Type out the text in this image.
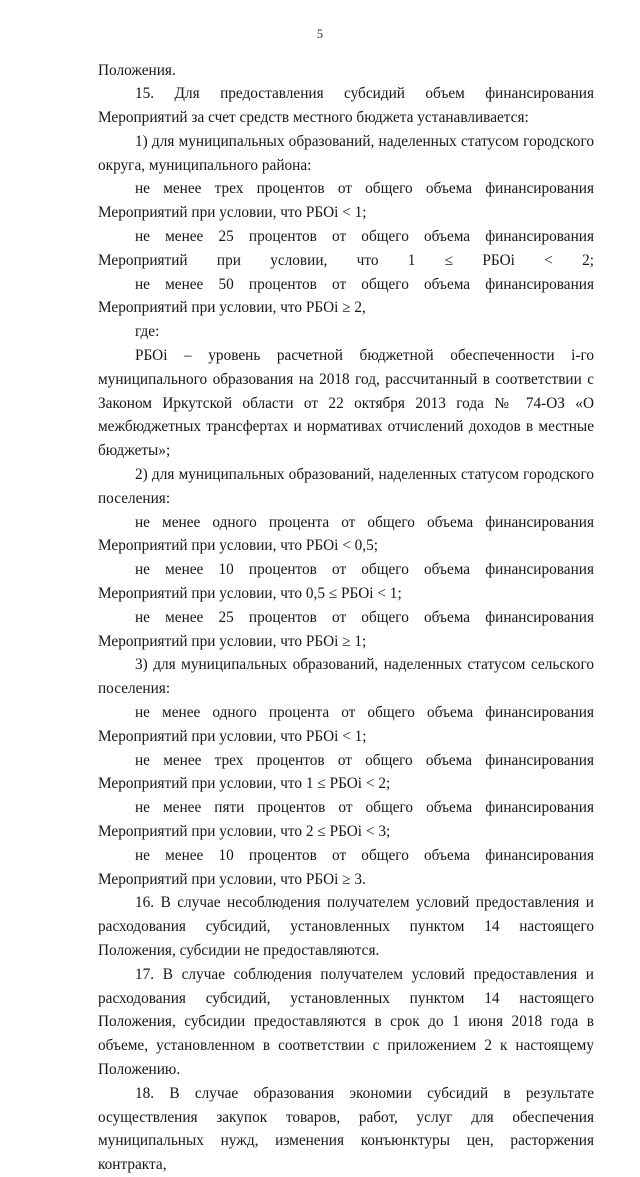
5
Положения.
15. Для предоставления субсидий объем финансирования Мероприятий за счет средств местного бюджета устанавливается:
1) для муниципальных образований, наделенных статусом городского округа, муниципального района:
не менее трех процентов от общего объема финансирования Мероприятий при условии, что РБОi < 1;
не менее 25 процентов от общего объема финансирования Мероприятий при условии, что 1 ≤ РБОi < 2;
не менее 50 процентов от общего объема финансирования Мероприятий при условии, что РБОi ≥ 2,
где:
РБОi – уровень расчетной бюджетной обеспеченности i-го муниципального образования на 2018 год, рассчитанный в соответствии с Законом Иркутской области от 22 октября 2013 года № 74-ОЗ «О межбюджетных трансфертах и нормативах отчислений доходов в местные бюджеты»;
2) для муниципальных образований, наделенных статусом городского поселения:
не менее одного процента от общего объема финансирования Мероприятий при условии, что РБОi < 0,5;
не менее 10 процентов от общего объема финансирования Мероприятий при условии, что 0,5 ≤ РБОi < 1;
не менее 25 процентов от общего объема финансирования Мероприятий при условии, что РБОi ≥ 1;
3) для муниципальных образований, наделенных статусом сельского поселения:
не менее одного процента от общего объема финансирования Мероприятий при условии, что РБОi < 1;
не менее трех процентов от общего объема финансирования Мероприятий при условии, что 1 ≤ РБОi < 2;
не менее пяти процентов от общего объема финансирования Мероприятий при условии, что 2 ≤ РБОi < 3;
не менее 10 процентов от общего объема финансирования Мероприятий при условии, что РБОi ≥ 3.
16. В случае несоблюдения получателем условий предоставления и расходования субсидий, установленных пунктом 14 настоящего Положения, субсидии не предоставляются.
17. В случае соблюдения получателем условий предоставления и расходования субсидий, установленных пунктом 14 настоящего Положения, субсидии предоставляются в срок до 1 июня 2018 года в объеме, установленном в соответствии с приложением 2 к настоящему Положению.
18. В случае образования экономии субсидий в результате осуществления закупок товаров, работ, услуг для обеспечения муниципальных нужд, изменения конъюнктуры цен, расторжения контракта,
